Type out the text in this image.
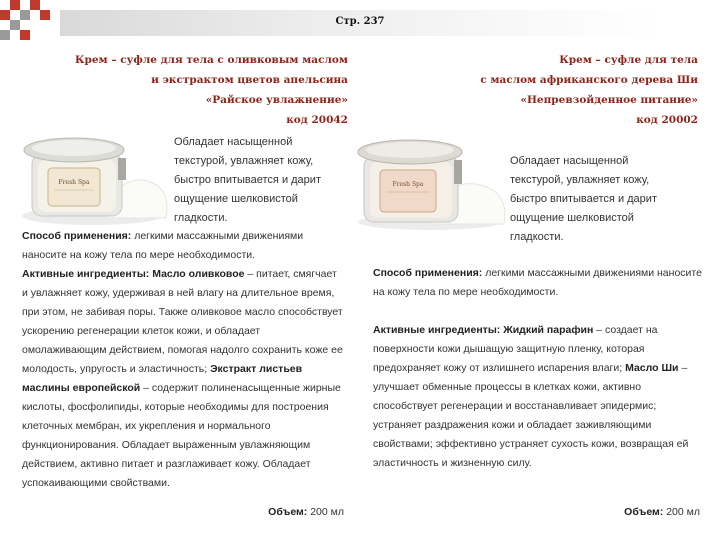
Стр. 237
Крем – суфле для тела с оливковым маслом
и экстрактом цветов апельсина
«Райское увлажнение»
код 20042
Fresh Spa
Обладает насыщенной текстурой, увлажняет кожу, быстро впитывается и дарит ощущение шелковистой гладкости.
Способ применения: легкими массажными движениями наносите на кожу тела по мере необходимости.
Активные ингредиенты: Масло оливковое – питает, смягчает и увлажняет кожу, удерживая в ней влагу на длительное время, при этом, не забивая поры. Также оливковое масло способствует ускорению регенерации клеток кожи, и обладает омолаживающим действием, помогая надолго сохранить коже ее молодость, упругость и эластичность; Экстракт листьев маслины европейской – содержит полиненасыщенные жирные кислоты, фосфолипиды, которые необходимы для построения клеточных мембран, их укрепления и нормального функционирования. Обладает выраженным увлажняющим действием, активно питает и разглаживает кожу. Обладает успокаивающими свойствами.
Объем: 200 мл
Крем – суфле для тела
с маслом африканского дерева Ши
«Непревзойденное питание»
код 20002
Fresh Spa
Обладает насыщенной текстурой, увлажняет кожу, быстро впитывается и дарит ощущение шелковистой гладкости.
Способ применения: легкими массажными движениями наносите на кожу тела по мере необходимости.
Активные ингредиенты: Жидкий парафин – создает на поверхности кожи дышащую защитную пленку, которая предохраняет кожу от излишнего испарения влаги; Масло Ши – улучшает обменные процессы в клетках кожи, активно способствует регенерации и восстанавливает эпидермис; устраняет раздражения кожи и обладает заживляющими свойствами; эффективно устраняет сухость кожи, возвращая ей эластичность и жизненную силу.
Объем: 200 мл
